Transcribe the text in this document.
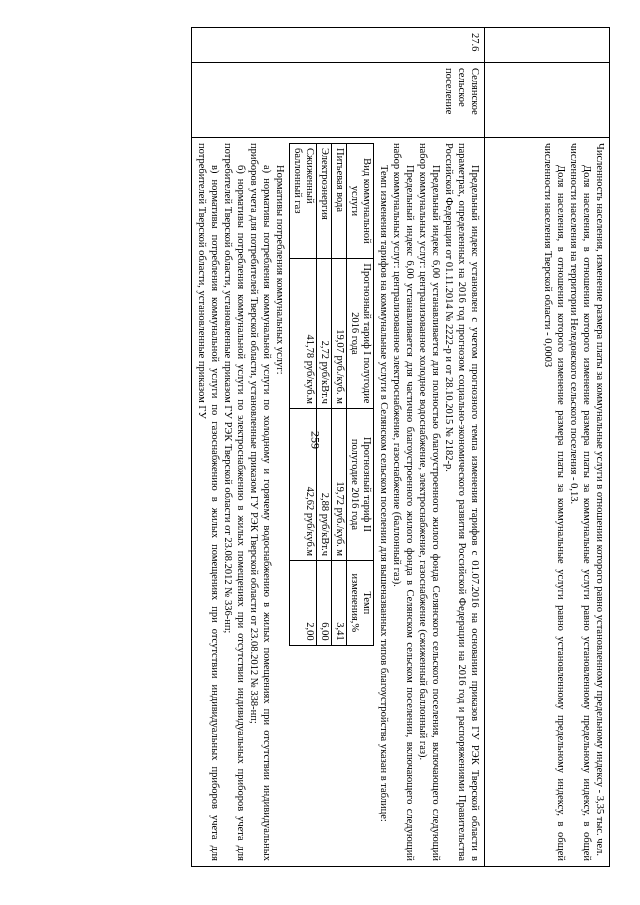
259
			Численность населения, изменение размера платы за коммунальные услуги в отношении которого равно установленному предельному индексу - 3,35 тыс. чел.

Доля населения, в отношении которого изменение размера платы за коммунальные услуги равно установленному предельному индексу, в общей численности населения на территории Неледовского сельского поселения - 0,13.

Доля населения, в отношении которого изменение размера платы за коммунальные услуги равно установленному предельному индексу, в общей численности населения Тверской области - 0,0003

27.6	Селянское сельское поселение	

Предельный индекс установлен с учетом прогнозного темпа изменения тарифов с 01.07.2016 на основании приказов ГУ РЭК Тверской области в параметрах, определенных на 2016 год прогнозом социально-экономического развития Российской Федерации на 2016 год и распоряжениями Правительства Российской Федерации от 01.11.2014 № 2222-р и от 28.10.2015 № 2182-р.

Предельный индекс 6,00 устанавливается для полностью благоустроенного жилого фонда Селянского сельского поселения, включающего следующий набор коммунальных услуг: централизованное холодное водоснабжение, электроснабжение, газоснабжение (сжиженный баллонный газ).

Предельный индекс 6,00 устанавливается для частично благоустроенного жилого фонда в Селянском сельском поселении, включающего следующий набор коммунальных услуг: централизованное электроснабжение, газоснабжение (баллонный газ).

Темп изменения тарифов на коммунальные услуги в Селянском сельском поселении для вышеназванных типов благоустройства указан в таблице:

Вид коммунальной услуги	Прогнозный тариф I полугодие 2016 года	Прогнозный тариф II полугодие 2016 года	Темп изменения,%
Питьевая вода	19,07 руб./куб. м	19,72 руб./куб. м	3,41
Электроэнергия	2,72 руб/кВт.ч	2,88 руб/кВт.ч	6,00
Сжиженный баллонный газ	41,78 руб/куб.м	42,62 руб/куб.м	2,00

Нормативы потребления коммунальных услуг:

а) нормативы потребления коммунальной услуги по холодному и горячему водоснабжению в жилых помещениях при отсутствии индивидуальных приборов учета для потребителей Тверской области, установленные приказом ГУ РЭК Тверской области от 23.08.2012 № 338-нп;

б) нормативы потребления коммунальной услуги по электроснабжению в жилых помещениях при отсутствии индивидуальных приборов учета для потребителей Тверской области, установленные приказом ГУ РЭК Тверской области от 23.08.2012 № 336-нп;

в) нормативы потребления коммунальной услуги по газоснабжению в жилых помещениях при отсутствии индивидуальных приборов учета для потребителей Тверской области, установленные приказом ГУ
